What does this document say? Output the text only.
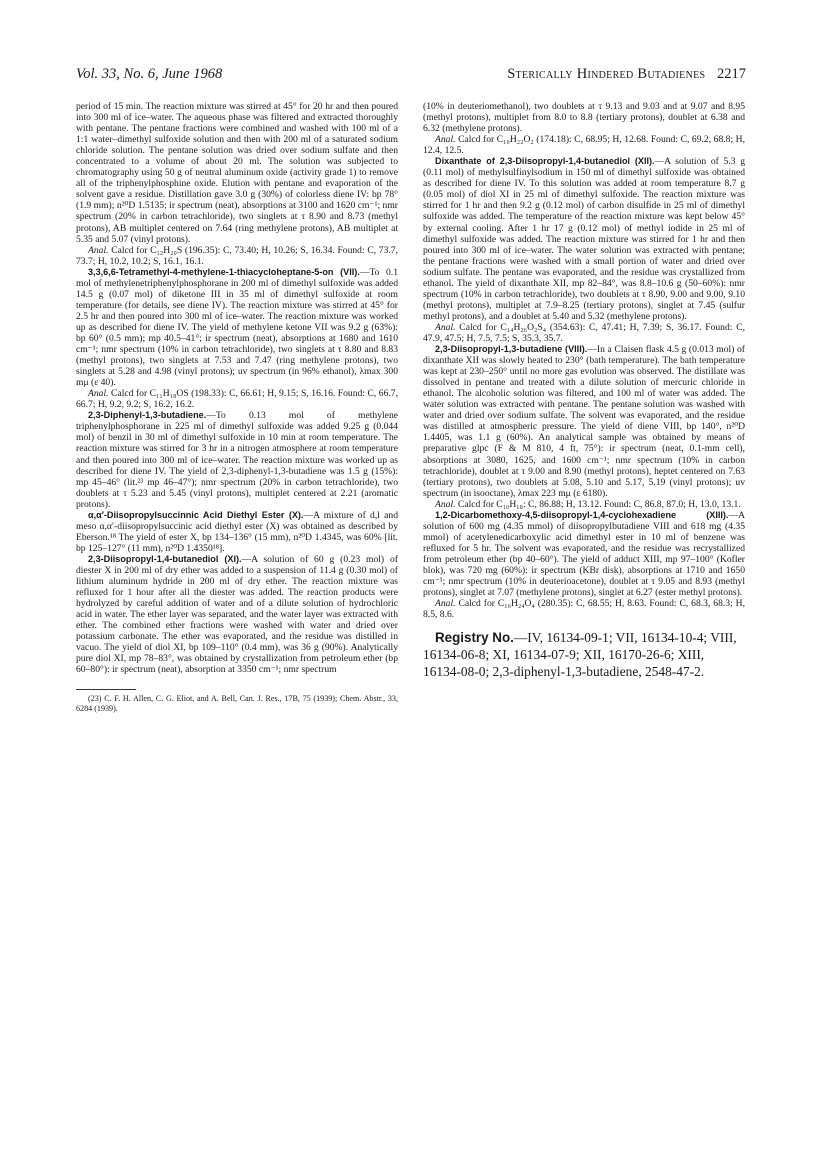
Vol. 33, No. 6, June 1968	Sterically Hindered Butadienes 2217

period of 15 min. The reaction mixture was stirred at 45° for 20 hr and then poured into 300 ml of ice–water. The aqueous phase was filtered and extracted thoroughly with pentane. The pentane fractions were combined and washed with 100 ml of a 1:1 water–dimethyl sulfoxide solution and then with 200 ml of a saturated sodium chloride solution. The pentane solution was dried over sodium sulfate and then concentrated to a volume of about 20 ml. The solution was subjected to chromatography using 50 g of neutral aluminum oxide (activity grade 1) to remove all of the triphenylphosphine oxide. Elution with pentane and evaporation of the solvent gave a residue. Distillation gave 3.0 g (30%) of colorless diene IV: bp 78° (1.9 mm); n²⁰D 1.5135; ir spectrum (neat), absorptions at 3100 and 1620 cm⁻¹; nmr spectrum (20% in carbon tetrachloride), two singlets at τ 8.90 and 8.73 (methyl protons), AB multiplet centered on 7.64 (ring methylene protons), AB multiplet at 5.35 and 5.07 (vinyl protons).

Anal. Calcd for C₁₂H₂₀S (196.35): C, 73.40; H, 10.26; S, 16.34. Found: C, 73.7, 73.7; H, 10.2, 10.2; S, 16.1, 16.1.

3,3,6,6-Tetramethyl-4-methylene-1-thiacycloheptane-5-on (VII).—To 0.1 mol of methylenetriphenylphosphorane in 200 ml of dimethyl sulfoxide was added 14.5 g (0.07 mol) of diketone III in 35 ml of dimethyl sulfoxide at room temperature (for details, see diene IV). The reaction mixture was stirred at 45° for 2.5 hr and then poured into 300 ml of ice–water. The reaction mixture was worked up as described for diene IV. The yield of methylene ketone VII was 9.2 g (63%): bp 60° (0.5 mm); mp 40.5–41°; ir spectrum (neat), absorptions at 1680 and 1610 cm⁻¹; nmr spectrum (10% in carbon tetrachloride), two singlets at τ 8.80 and 8.83 (methyl protons), two singlets at 7.53 and 7.47 (ring methylene protons), two singlets at 5.28 and 4.98 (vinyl protons); uv spectrum (in 96% ethanol), λmax 300 mμ (ε 40).

Anal. Calcd for C₁₁H₁₈OS (198.33): C, 66.61; H, 9.15; S, 16.16. Found: C, 66.7, 66.7; H, 9.2, 9.2; S, 16.2, 16.2.

2,3-Diphenyl-1,3-butadiene.—To 0.13 mol of methylene triphenylphosphorane in 225 ml of dimethyl sulfoxide was added 9.25 g (0.044 mol) of benzil in 30 ml of dimethyl sulfoxide in 10 min at room temperature. The reaction mixture was stirred for 3 hr in a nitrogen atmosphere at room temperature and then poured into 300 ml of ice–water. The reaction mixture was worked up as described for diene IV. The yield of 2,3-diphenyl-1,3-butadiene was 1.5 g (15%): mp 45–46° (lit.²³ mp 46–47°); nmr spectrum (20% in carbon tetrachloride), two doublets at τ 5.23 and 5.45 (vinyl protons), multiplet centered at 2.21 (aromatic protons).

α,α′-Diisopropylsuccinnic Acid Diethyl Ester (X).—A mixture of d,l and meso α,α′-diisopropylsuccinic acid diethyl ester (X) was obtained as described by Eberson.¹⁸ The yield of ester X, bp 134–136° (15 mm), n²⁰D 1.4345, was 60% [lit. bp 125–127° (11 mm), n²⁰D 1.4350¹⁸].

2,3-Diisopropyl-1,4-butanediol (XI).—A solution of 60 g (0.23 mol) of diester X in 200 ml of dry ether was added to a suspension of 11.4 g (0.30 mol) of lithium aluminum hydride in 200 ml of dry ether. The reaction mixture was refluxed for 1 hour after all the diester was added. The reaction products were hydrolyzed by careful addition of water and of a dilute solution of hydrochloric acid in water. The ether layer was separated, and the water layer was extracted with ether. The combined ether fractions were washed with water and dried over potassium carbonate. The ether was evaporated, and the residue was distilled in vacuo. The yield of diol XI, bp 109–110° (0.4 mm), was 36 g (90%). Analytically pure diol XI, mp 78–83°, was obtained by crystallization from petroleum ether (bp 60–80°): ir spectrum (neat), absorption at 3350 cm⁻¹; nmr spectrum

(23) C. F. H. Allen, C. G. Eliot, and A. Bell, Can. J. Res., 17B, 75 (1939); Chem. Abstr., 33, 6284 (1939).

(10% in deuteriomethanol), two doublets at τ 9.13 and 9.03 and at 9.07 and 8.95 (methyl protons), multiplet from 8.0 to 8.8 (tertiary protons), doublet at 6.38 and 6.32 (methylene protons).

Anal. Calcd for C₁₀H₂₂O₂ (174.18): C, 68.95; H, 12.68. Found: C, 69.2, 68.8; H, 12.4, 12.5.

Dixanthate of 2,3-Diisopropyl-1,4-butanediol (XII).—A solution of 5.3 g (0.11 mol) of methylsulfinylsodium in 150 ml of dimethyl sulfoxide was obtained as described for diene IV. To this solution was added at room temperature 8.7 g (0.05 mol) of diol XI in 25 ml of dimethyl sulfoxide. The reaction mixture was stirred for 1 hr and then 9.2 g (0.12 mol) of carbon disulfide in 25 ml of dimethyl sulfoxide was added. The temperature of the reaction mixture was kept below 45° by external cooling. After 1 hr 17 g (0.12 mol) of methyl iodide in 25 ml of dimethyl sulfoxide was added. The reaction mixture was stirred for 1 hr and then poured into 300 ml of ice–water. The water solution was extracted with pentane; the pentane fractions were washed with a small portion of water and dried over sodium sulfate. The pentane was evaporated, and the residue was crystallized from ethanol. The yield of dixanthate XII, mp 82–84°, was 8.8–10.6 g (50–60%): nmr spectrum (10% in carbon tetrachloride), two doublets at τ 8.90, 9.00 and 9.00, 9.10 (methyl protons), multiplet at 7.9–8.25 (tertiary protons), singlet at 7.45 (sulfur methyl protons), and a doublet at 5.40 and 5.32 (methylene protons).

Anal. Calcd for C₁₄H₂₆O₂S₄ (354.63): C, 47.41; H, 7.39; S, 36.17. Found: C, 47.9, 47.5; H, 7.5, 7.5; S, 35.3, 35.7.

2,3-Diisopropyl-1,3-butadiene (VIII).—In a Claisen flask 4.5 g (0.013 mol) of dixanthate XII was slowly heated to 230° (bath temperature). The bath temperature was kept at 230–250° until no more gas evolution was observed. The distillate was dissolved in pentane and treated with a dilute solution of mercuric chloride in ethanol. The alcoholic solution was filtered, and 100 ml of water was added. The water solution was extracted with pentane. The pentane solution was washed with water and dried over sodium sulfate. The solvent was evaporated, and the residue was distilled at atmospheric pressure. The yield of diene VIII, bp 140°, n²⁰D 1.4405, was 1.1 g (60%). An analytical sample was obtained by means of preparative glpc (F & M 810, 4 ft, 75°): ir spectrum (neat, 0.1-mm cell), absorptions at 3080, 1625, and 1600 cm⁻¹; nmr spectrum (10% in carbon tetrachloride), doublet at τ 9.00 and 8.90 (methyl protons), heptet centered on 7.63 (tertiary protons), two doublets at 5.08, 5.10 and 5.17, 5.19 (vinyl protons); uv spectrum (in isooctane), λmax 223 mμ (ε 6180).

Anal. Calcd for C₁₀H₁₈: C, 86.88; H, 13.12. Found: C, 86.8, 87.0; H, 13.0, 13.1.

1,2-Dicarbomethoxy-4,5-diisopropyl-1,4-cyclohexadiene (XIII).—A solution of 600 mg (4.35 mmol) of diisopropylbutadiene VIII and 618 mg (4.35 mmol) of acetylenedicarboxylic acid dimethyl ester in 10 ml of benzene was refluxed for 5 hr. The solvent was evaporated, and the residue was recrystallized from petroleum ether (bp 40–60°). The yield of adduct XIII, mp 97–100° (Kofler blok), was 720 mg (60%): ir spectrum (KBr disk), absorptions at 1710 and 1650 cm⁻¹; nmr spectrum (10% in deuterioacetone), doublet at τ 9.05 and 8.93 (methyl protons), singlet at 7.07 (methylene protons), singlet at 6.27 (ester methyl protons).

Anal. Calcd for C₁₆H₂₄O₄ (280.35): C, 68.55; H, 8.63. Found: C, 68.3, 68.3; H, 8.5, 8.6.

Registry No.—IV, 16134-09-1; VII, 16134-10-4; VIII, 16134-06-8; XI, 16134-07-9; XII, 16170-26-6; XIII, 16134-08-0; 2,3-diphenyl-1,3-butadiene, 2548-47-2.
